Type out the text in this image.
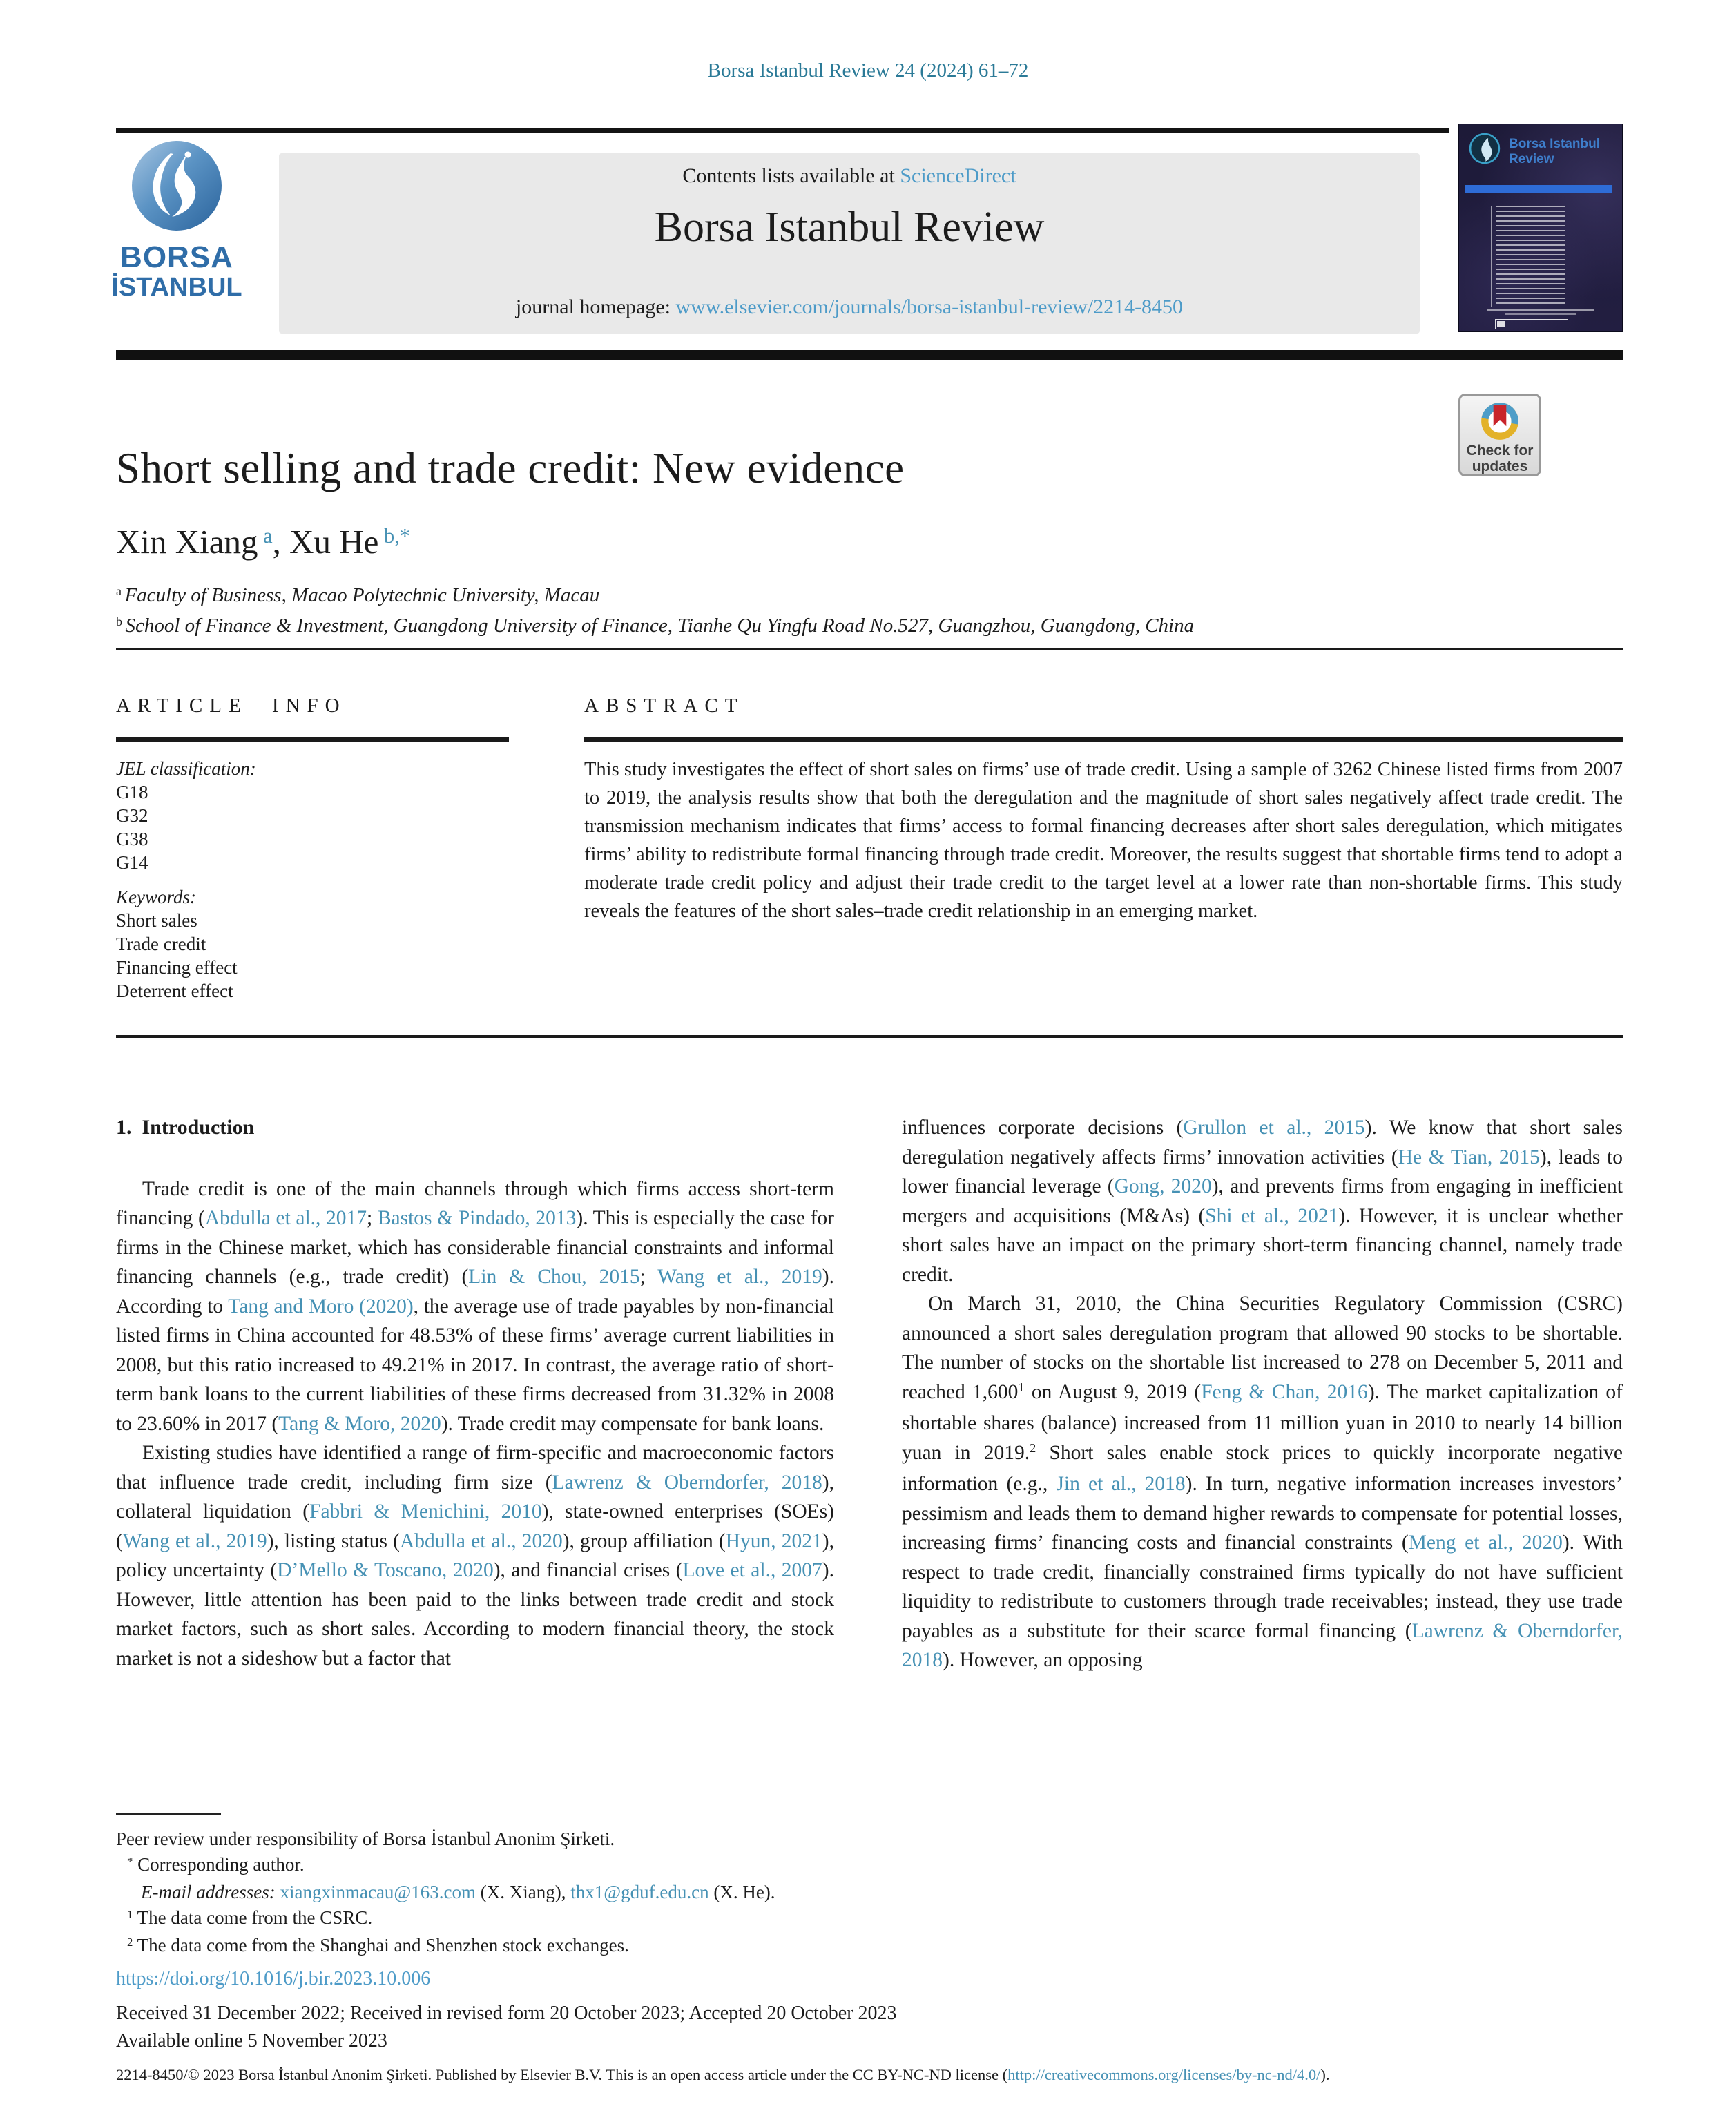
Borsa Istanbul Review 24 (2024) 61–72
BORSA
İSTANBUL
Contents lists available at ScienceDirect
Borsa Istanbul Review
journal homepage: www.elsevier.com/journals/borsa-istanbul-review/2214-8450
Borsa Istanbul
Review
Check for
updates
Short selling and trade credit: New evidence
Xin Xiang $^a$, Xu He $^{b,*}$

$^a$ Faculty of Business, Macao Polytechnic University, Macau

$^b$ School of Finance & Investment, Guangdong University of Finance, Tianhe Qu Yingfu Road No.527, Guangzhou, Guangdong, China

ARTICLE INFO	ABSTRACT
JEL classification:
G18
G32
G38
G14
Keywords:
Short sales
Trade credit
Financing effect
Deterrent effect
This study investigates the effect of short sales on firms’ use of trade credit. Using a sample of 3262 Chinese listed firms from 2007 to 2019, the analysis results show that both the deregulation and the magnitude of short sales negatively affect trade credit. The transmission mechanism indicates that firms’ access to formal financing decreases after short sales deregulation, which mitigates firms’ ability to redistribute formal financing through trade credit. Moreover, the results suggest that shortable firms tend to adopt a moderate trade credit policy and adjust their trade credit to the target level at a lower rate than non-shortable firms. This study reveals the features of the short sales–trade credit relationship in an emerging market.
1.  Introduction

Trade credit is one of the main channels through which firms access short-term financing (Abdulla et al., 2017; Bastos & Pindado, 2013). This is especially the case for firms in the Chinese market, which has considerable financial constraints and informal financing channels (e.g., trade credit) (Lin & Chou, 2015; Wang et al., 2019). According to Tang and Moro (2020), the average use of trade payables by non-financial listed firms in China accounted for 48.53% of these firms’ average current liabilities in 2008, but this ratio increased to 49.21% in 2017. In contrast, the average ratio of short-term bank loans to the current liabilities of these firms decreased from 31.32% in 2008 to 23.60% in 2017 (Tang & Moro, 2020). Trade credit may compensate for bank loans.

Existing studies have identified a range of firm-specific and macroeconomic factors that influence trade credit, including firm size (Lawrenz & Oberndorfer, 2018), collateral liquidation (Fabbri & Menichini, 2010), state-owned enterprises (SOEs) (Wang et al., 2019), listing status (Abdulla et al., 2020), group affiliation (Hyun, 2021), policy uncertainty (D’Mello & Toscano, 2020), and financial crises (Love et al., 2007). However, little attention has been paid to the links between trade credit and stock market factors, such as short sales. According to modern financial theory, the stock market is not a sideshow but a factor that

influences corporate decisions (Grullon et al., 2015). We know that short sales deregulation negatively affects firms’ innovation activities (He & Tian, 2015), leads to lower financial leverage (Gong, 2020), and prevents firms from engaging in inefficient mergers and acquisitions (M&As) (Shi et al., 2021). However, it is unclear whether short sales have an impact on the primary short-term financing channel, namely trade credit.

On March 31, 2010, the China Securities Regulatory Commission (CSRC) announced a short sales deregulation program that allowed 90 stocks to be shortable. The number of stocks on the shortable list increased to 278 on December 5, 2011 and reached 1,600$^1$ on August 9, 2019 (Feng & Chan, 2016). The market capitalization of shortable shares (balance) increased from 11 million yuan in 2010 to nearly 14 billion yuan in 2019.$^2$ Short sales enable stock prices to quickly incorporate negative information (e.g., Jin et al., 2018). In turn, negative information increases investors’ pessimism and leads them to demand higher rewards to compensate for potential losses, increasing firms’ financing costs and financial constraints (Meng et al., 2020). With respect to trade credit, financially constrained firms typically do not have sufficient liquidity to redistribute to customers through trade receivables; instead, they use trade payables as a substitute for their scarce formal financing (Lawrenz & Oberndorfer, 2018). However, an opposing

Peer review under responsibility of Borsa İstanbul Anonim Şirketi.

* Corresponding author.

E-mail addresses: xiangxinmacau@163.com (X. Xiang), thx1@gduf.edu.cn (X. He).

$^1$ The data come from the CSRC.

$^2$ The data come from the Shanghai and Shenzhen stock exchanges.

https://doi.org/10.1016/j.bir.2023.10.006
Received 31 December 2022; Received in revised form 20 October 2023; Accepted 20 October 2023
Available online 5 November 2023
2214-8450/© 2023 Borsa İstanbul Anonim Şirketi. Published by Elsevier B.V. This is an open access article under the CC BY-NC-ND license (http://creativecommons.org/licenses/by-nc-nd/4.0/).
